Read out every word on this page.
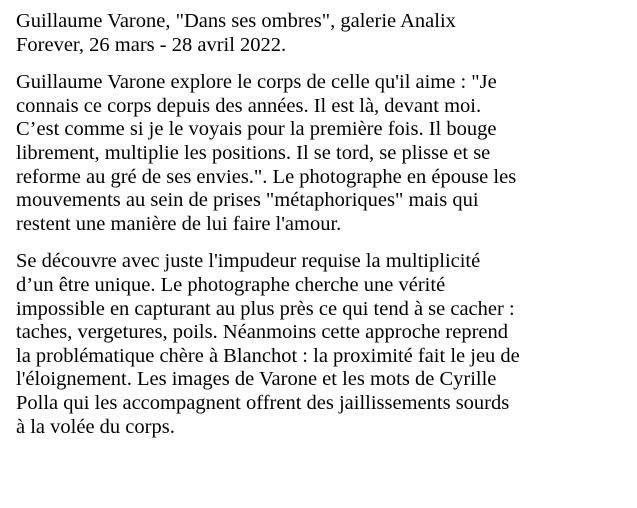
Guillaume Varone, "Dans ses ombres", galerie Analix
Forever, 26 mars - 28 avril 2022.

Guillaume Varone explore le corps de celle qu'il aime : "Je
connais ce corps depuis des années. Il est là, devant moi.
C’est comme si je le voyais pour la première fois. Il bouge
librement, multiplie les positions. Il se tord, se plisse et se
reforme au gré de ses envies.". Le photographe en épouse les
mouvements au sein de prises "métaphoriques" mais qui
restent une manière de lui faire l'amour.

Se découvre avec juste l'impudeur requise la multiplicité
d’un être unique. Le photographe cherche une vérité
impossible en capturant au plus près ce qui tend à se cacher :
taches, vergetures, poils. Néanmoins cette approche reprend
la problématique chère à Blanchot : la proximité fait le jeu de
l'éloignement. Les images de Varone et les mots de Cyrille
Polla qui les accompagnent offrent des jaillissements sourds
à la volée du corps.
